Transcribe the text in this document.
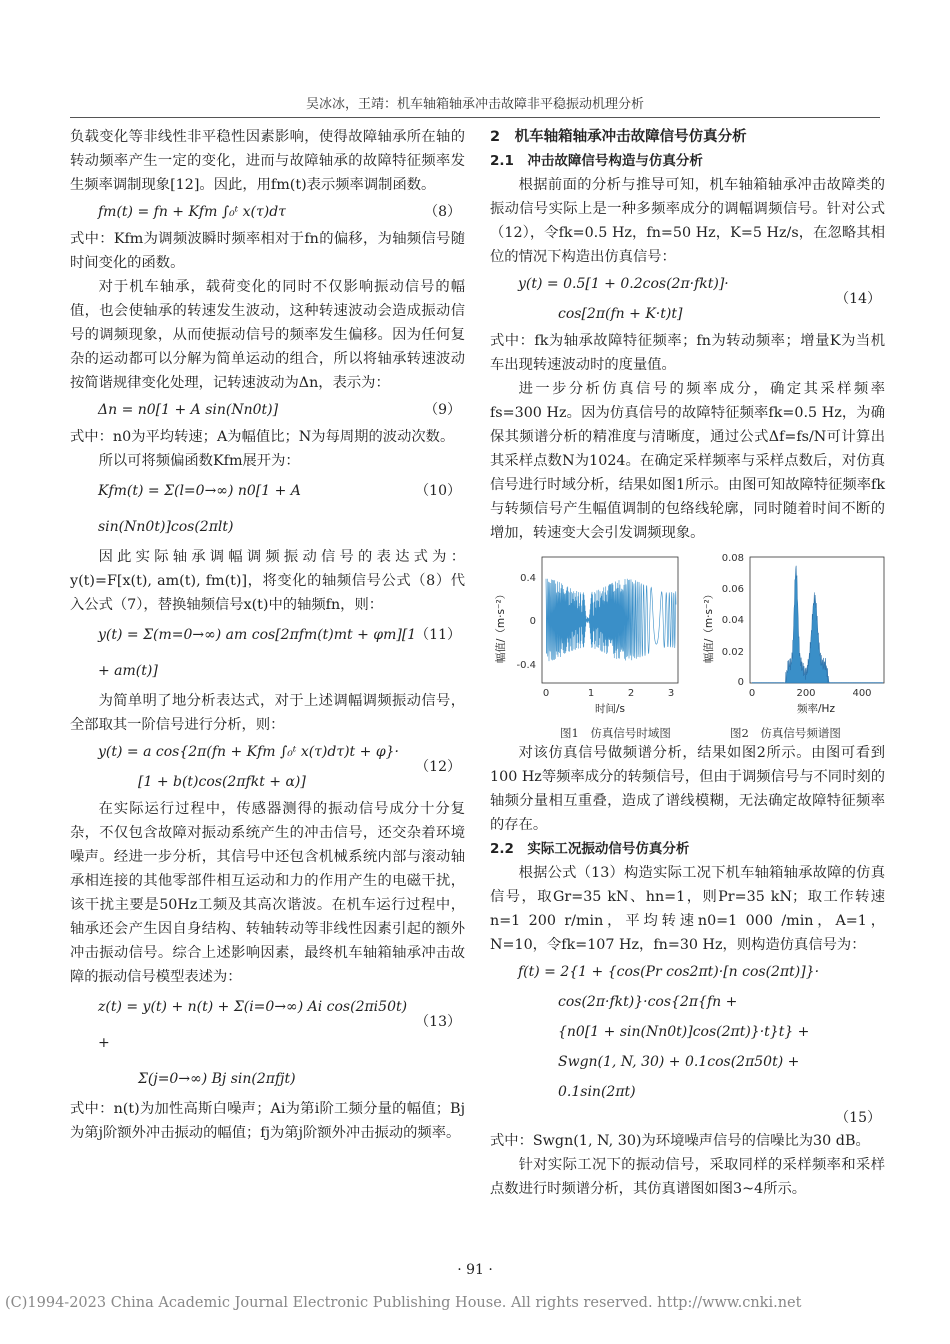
吴冰冰，王靖：机车轴箱轴承冲击故障非平稳振动机理分析

负载变化等非线性非平稳性因素影响，使得故障轴承所在轴的转动频率产生一定的变化，进而与故障轴承的故障特征频率发生频率调制现象[12]。因此，用fm(t)表示频率调制函数。

fm(t) = fn + Kfm ∫₀ᵗ x(τ)dτ	（8）

式中：Kfm为调频波瞬时频率相对于fn的偏移，为轴频信号随时间变化的函数。

对于机车轴承，载荷变化的同时不仅影响振动信号的幅值，也会使轴承的转速发生波动，这种转速波动会造成振动信号的调频现象，从而使振动信号的频率发生偏移。因为任何复杂的运动都可以分解为简单运动的组合，所以将轴承转速波动按简谐规律变化处理，记转速波动为Δn，表示为：

Δn = n0[1 + A sin(Nn0t)]	（9）

式中：n0为平均转速；A为幅值比；N为每周期的波动次数。

所以可将频偏函数Kfm展开为：

Kfm(t) = Σ(l=0→∞) n0[1 + A sin(Nn0t)]cos(2πlt)
（10）

因此实际轴承调幅调频振动信号的表达式为：y(t)=F[x(t), am(t), fm(t)]，将变化的轴频信号公式（8）代入公式（7），替换轴频信号x(t)中的轴频fn，则：

y(t) = Σ(m=0→∞) am cos[2πfm(t)mt + φm][1 + am(t)]
（11）

为简单明了地分析表达式，对于上述调幅调频振动信号，全部取其一阶信号进行分析，则：

y(t) = a cos{2π(fn + Kfm ∫₀ᵗ x(τ)dτ)t + φ}·
[1 + b(t)cos(2πfkt + α)]
（12）

在实际运行过程中，传感器测得的振动信号成分十分复杂，不仅包含故障对振动系统产生的冲击信号，还交杂着环境噪声。经进一步分析，其信号中还包含机械系统内部与滚动轴承相连接的其他零部件相互运动和力的作用产生的电磁干扰，该干扰主要是50Hz工频及其高次谐波。在机车运行过程中，轴承还会产生因自身结构、转轴转动等非线性因素引起的额外冲击振动信号。综合上述影响因素，最终机车轴箱轴承冲击故障的振动信号模型表述为：

z(t) = y(t) + n(t) + Σ(i=0→∞) Ai cos(2πi50t) +
Σ(j=0→∞) Bj sin(2πfjt)
（13）

式中：n(t)为加性高斯白噪声；Ai为第i阶工频分量的幅值；Bj为第j阶额外冲击振动的幅值；fj为第j阶额外冲击振动的频率。

2　机车轴箱轴承冲击故障信号仿真分析
2.1　冲击故障信号构造与仿真分析

根据前面的分析与推导可知，机车轴箱轴承冲击故障类的振动信号实际上是一种多频率成分的调幅调频信号。针对公式（12），令fk=0.5 Hz，fn=50 Hz，K=5 Hz/s，在忽略其相位的情况下构造出仿真信号：

y(t) = 0.5[1 + 0.2cos(2π·fkt)]·
cos[2π(fn + K·t)t]
（14）

式中：fk为轴承故障特征频率；fn为转动频率；增量K为当机车出现转速波动时的度量值。

进一步分析仿真信号的频率成分，确定其采样频率fs=300 Hz。因为仿真信号的故障特征频率fk=0.5 Hz，为确保其频谱分析的精准度与清晰度，通过公式Δf=fs/N可计算出其采样点数N为1024。在确定采样频率与采样点数后，对仿真信号进行时域分析，结果如图1所示。由图可知故障特征频率fk与转频信号产生幅值调制的包络线轮廓，同时随着时间不断的增加，转速变大会引发调频现象。

幅值/（m·s⁻²）
0.4
0
-0.4
0	1	2	3
时间/s
幅值/（m·s⁻²）
0.08
0.06
0.04
0.02
0
0	200	400
频率/Hz
图1　仿真信号时域图	图2　仿真信号频谱图

对该仿真信号做频谱分析，结果如图2所示。由图可看到100 Hz等频率成分的转频信号，但由于调频信号与不同时刻的轴频分量相互重叠，造成了谱线模糊，无法确定故障特征频率的存在。

2.2　实际工况振动信号仿真分析

根据公式（13）构造实际工况下机车轴箱轴承故障的仿真信号，取Gr=35 kN、hn=1，则Pr=35 kN；取工作转速n=1 200 r/min，平均转速n0=1 000 /min，A=1，N=10，令fk=107 Hz，fn=30 Hz，则构造仿真信号为：

f(t) = 2{1 + {cos(Pr cos2πt)·[n cos(2πt)]}·
cos(2π·fkt)}·cos{2π{fn +
{n0[1 + sin(Nn0t)]cos(2πt)}·t}t} +
Swgn(1, N, 30) + 0.1cos(2π50t) + 0.1sin(2πt)
（15）

式中：Swgn(1, N, 30)为环境噪声信号的信噪比为30 dB。

针对实际工况下的振动信号，采取同样的采样频率和采样点数进行时频谱分析，其仿真谱图如图3~4所示。

· 91 ·
(C)1994-2023 China Academic Journal Electronic Publishing House. All rights reserved. http://www.cnki.net
